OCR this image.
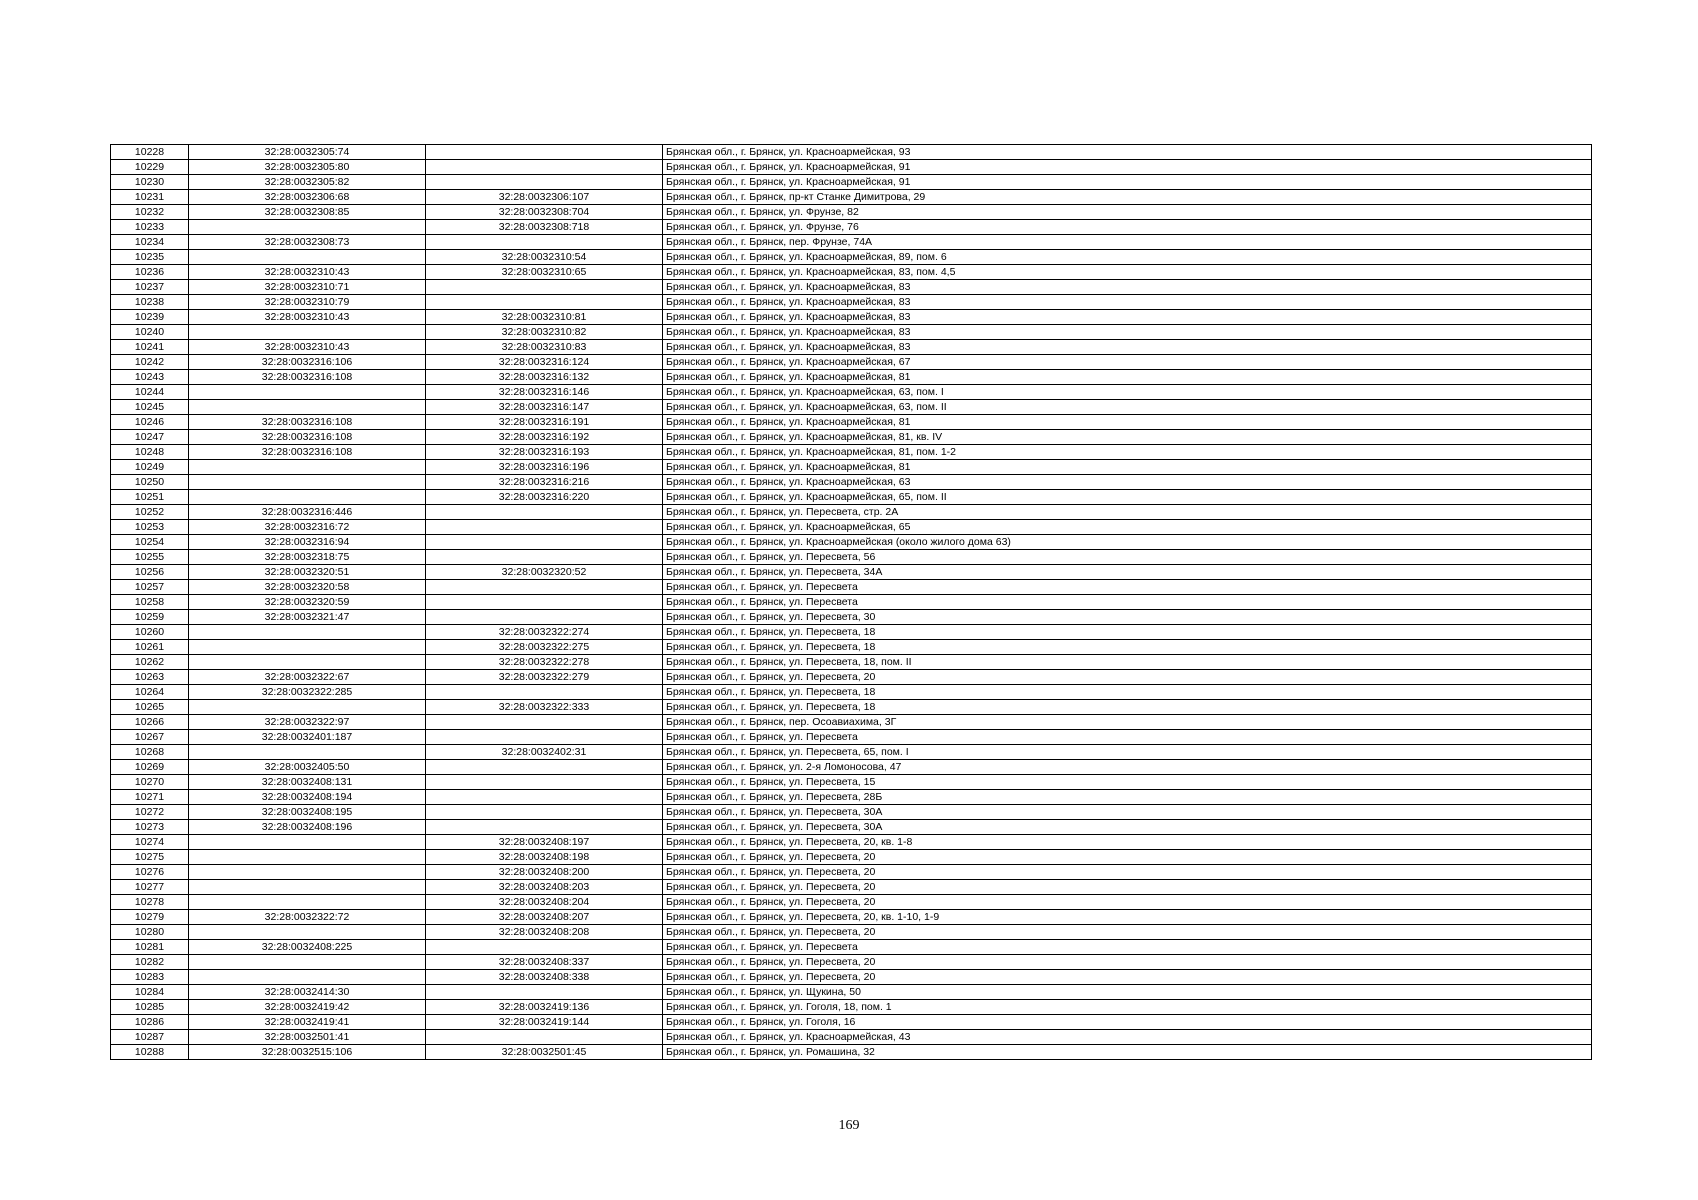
10228	32:28:0032305:74		Брянская обл., г. Брянск, ул. Красноармейская, 93
10229	32:28:0032305:80		Брянская обл., г. Брянск, ул. Красноармейская, 91
10230	32:28:0032305:82		Брянская обл., г. Брянск, ул. Красноармейская, 91
10231	32:28:0032306:68	32:28:0032306:107	Брянская обл., г. Брянск, пр-кт Станке Димитрова, 29
10232	32:28:0032308:85	32:28:0032308:704	Брянская обл., г. Брянск, ул. Фрунзе, 82
10233		32:28:0032308:718	Брянская обл., г. Брянск, ул. Фрунзе, 76
10234	32:28:0032308:73		Брянская обл., г. Брянск, пер. Фрунзе, 74А
10235		32:28:0032310:54	Брянская обл., г. Брянск, ул. Красноармейская, 89, пом. 6
10236	32:28:0032310:43	32:28:0032310:65	Брянская обл., г. Брянск, ул. Красноармейская, 83, пом. 4,5
10237	32:28:0032310:71		Брянская обл., г. Брянск, ул. Красноармейская, 83
10238	32:28:0032310:79		Брянская обл., г. Брянск, ул. Красноармейская, 83
10239	32:28:0032310:43	32:28:0032310:81	Брянская обл., г. Брянск, ул. Красноармейская, 83
10240		32:28:0032310:82	Брянская обл., г. Брянск, ул. Красноармейская, 83
10241	32:28:0032310:43	32:28:0032310:83	Брянская обл., г. Брянск, ул. Красноармейская, 83
10242	32:28:0032316:106	32:28:0032316:124	Брянская обл., г. Брянск, ул. Красноармейская, 67
10243	32:28:0032316:108	32:28:0032316:132	Брянская обл., г. Брянск, ул. Красноармейская, 81
10244		32:28:0032316:146	Брянская обл., г. Брянск, ул. Красноармейская, 63, пом. I
10245		32:28:0032316:147	Брянская обл., г. Брянск, ул. Красноармейская, 63, пом. II
10246	32:28:0032316:108	32:28:0032316:191	Брянская обл., г. Брянск, ул. Красноармейская, 81
10247	32:28:0032316:108	32:28:0032316:192	Брянская обл., г. Брянск, ул. Красноармейская, 81, кв. IV
10248	32:28:0032316:108	32:28:0032316:193	Брянская обл., г. Брянск, ул. Красноармейская, 81, пом. 1-2
10249		32:28:0032316:196	Брянская обл., г. Брянск, ул. Красноармейская, 81
10250		32:28:0032316:216	Брянская обл., г. Брянск, ул. Красноармейская, 63
10251		32:28:0032316:220	Брянская обл., г. Брянск, ул. Красноармейская, 65, пом. II
10252	32:28:0032316:446		Брянская обл., г. Брянск, ул. Пересвета, стр. 2А
10253	32:28:0032316:72		Брянская обл., г. Брянск, ул. Красноармейская, 65
10254	32:28:0032316:94		Брянская обл., г. Брянск, ул. Красноармейская (около жилого дома 63)
10255	32:28:0032318:75		Брянская обл., г. Брянск, ул. Пересвета, 56
10256	32:28:0032320:51	32:28:0032320:52	Брянская обл., г. Брянск, ул. Пересвета, 34А
10257	32:28:0032320:58		Брянская обл., г. Брянск, ул. Пересвета
10258	32:28:0032320:59		Брянская обл., г. Брянск, ул. Пересвета
10259	32:28:0032321:47		Брянская обл., г. Брянск, ул. Пересвета, 30
10260		32:28:0032322:274	Брянская обл., г. Брянск, ул. Пересвета, 18
10261		32:28:0032322:275	Брянская обл., г. Брянск, ул. Пересвета, 18
10262		32:28:0032322:278	Брянская обл., г. Брянск, ул. Пересвета, 18, пом. II
10263	32:28:0032322:67	32:28:0032322:279	Брянская обл., г. Брянск, ул. Пересвета, 20
10264	32:28:0032322:285		Брянская обл., г. Брянск, ул. Пересвета, 18
10265		32:28:0032322:333	Брянская обл., г. Брянск, ул. Пересвета, 18
10266	32:28:0032322:97		Брянская обл., г. Брянск, пер. Осоавиахима, 3Г
10267	32:28:0032401:187		Брянская обл., г. Брянск, ул. Пересвета
10268		32:28:0032402:31	Брянская обл., г. Брянск, ул. Пересвета, 65, пом. I
10269	32:28:0032405:50		Брянская обл., г. Брянск, ул. 2-я Ломоносова, 47
10270	32:28:0032408:131		Брянская обл., г. Брянск, ул. Пересвета, 15
10271	32:28:0032408:194		Брянская обл., г. Брянск, ул. Пересвета, 28Б
10272	32:28:0032408:195		Брянская обл., г. Брянск, ул. Пересвета, 30А
10273	32:28:0032408:196		Брянская обл., г. Брянск, ул. Пересвета, 30А
10274		32:28:0032408:197	Брянская обл., г. Брянск, ул. Пересвета, 20, кв. 1-8
10275		32:28:0032408:198	Брянская обл., г. Брянск, ул. Пересвета, 20
10276		32:28:0032408:200	Брянская обл., г. Брянск, ул. Пересвета, 20
10277		32:28:0032408:203	Брянская обл., г. Брянск, ул. Пересвета, 20
10278		32:28:0032408:204	Брянская обл., г. Брянск, ул. Пересвета, 20
10279	32:28:0032322:72	32:28:0032408:207	Брянская обл., г. Брянск, ул. Пересвета, 20, кв. 1-10, 1-9
10280		32:28:0032408:208	Брянская обл., г. Брянск, ул. Пересвета, 20
10281	32:28:0032408:225		Брянская обл., г. Брянск, ул. Пересвета
10282		32:28:0032408:337	Брянская обл., г. Брянск, ул. Пересвета, 20
10283		32:28:0032408:338	Брянская обл., г. Брянск, ул. Пересвета, 20
10284	32:28:0032414:30		Брянская обл., г. Брянск, ул. Щукина, 50
10285	32:28:0032419:42	32:28:0032419:136	Брянская обл., г. Брянск, ул. Гоголя, 18, пом. 1
10286	32:28:0032419:41	32:28:0032419:144	Брянская обл., г. Брянск, ул. Гоголя, 16
10287	32:28:0032501:41		Брянская обл., г. Брянск, ул. Красноармейская, 43
10288	32:28:0032515:106	32:28:0032501:45	Брянская обл., г. Брянск, ул. Ромашина, 32
169
